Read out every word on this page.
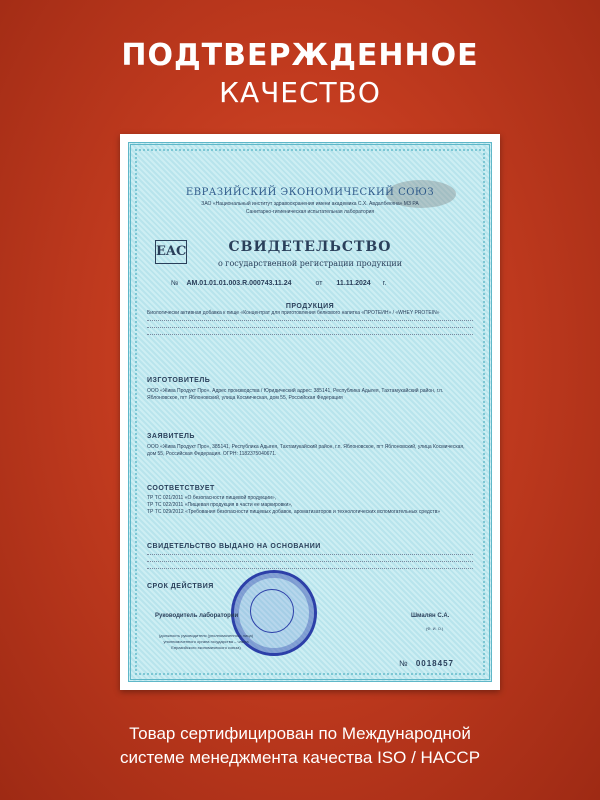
ПОДТВЕРЖДЕННОЕ
КАЧЕСТВО
ЕВРАЗИЙСКИЙ ЭКОНОМИЧЕСКИЙ СОЮЗ
ЗАО «Национальный институт здравоохранения имени академика С.Х. Авдалбекяна» МЗ РА
Санитарно-гигиеническая испытательная лаборатория
EAC	СВИДЕТЕЛЬСТВО
о государственной регистрации продукции
№ AM.01.01.01.003.R.000743.11.24	от 11.11.2024 г.
ПРОДУКЦИЯ
Биологически активная добавка к пище «Концентрат для приготовления белкового напитка «ПРОТЕИН» / «WHEY PROTEIN»
ИЗГОТОВИТЕЛЬ
ООО «Жива Продукт Про». Адрес производства / Юридический адрес: 385141, Республика Адыгея, Тахтамукайский район, г.п. Яблоновское, пгт Яблоновский, улица Космическая, дом 55, Российская Федерация
ЗАЯВИТЕЛЬ
ООО «Жива Продукт Про», 385141, Республика Адыгея, Тахтамукайский район, г.п. Яблоновское, пгт Яблоновский, улица Космическая, дом 55, Российская Федерация. ОГРН: 1182375040671.
СООТВЕТСТВУЕТ
ТР ТС 021/2011 «О безопасности пищевой продукции»,
ТР ТС 022/2011 «Пищевая продукция в части ее маркировки»,
ТР ТС 029/2012 «Требования безопасности пищевых добавок, ароматизаторов и технологических вспомогательных средств»
СВИДЕТЕЛЬСТВО ВЫДАНО НА ОСНОВАНИИ
СРОК ДЕЙСТВИЯ
Руководитель лаборатории	Шмалян С.А.
(должность руководителя (уполномоченного лица) уполномоченного органа государства – члена Евразийского экономического союза)
(Ф. И. О.)
№ 0018457
Товар сертифицирован по Международной
системе менеджмента качества ISO / HACCP
